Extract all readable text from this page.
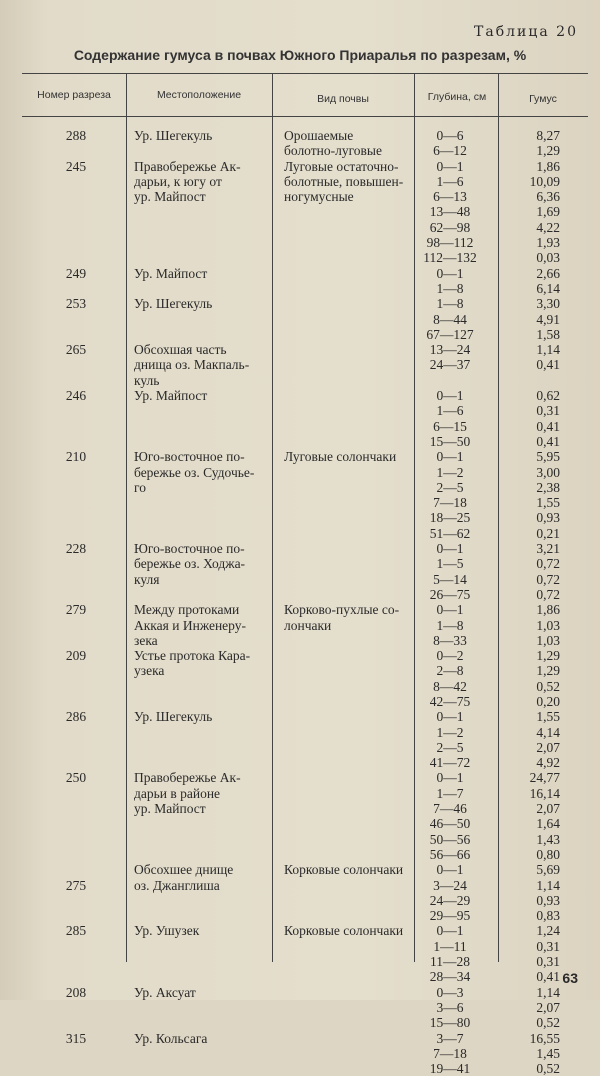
Таблица 20
Содержание гумуса в почвах Южного Приаралья по разрезам, %
Номер разреза	Местоположение	Вид почвы	Глубина, см	Гумус
288	Ур. Шегекуль	Орошаемые	0—6	8,27
болотно-луговые	6—12	1,29
245	Правобережье Ак-	Луговые остаточно-	0—1	1,86
дарьи, к югу от	болотные, повышен-	1—6	10,09
ур. Майпост	ногумусные	6—13	6,36
13—48	1,69
62—98	4,22
98—112	1,93
112—132	0,03
249	Ур. Майпост	0—1	2,66
1—8	6,14
253	Ур. Шегекуль	1—8	3,30
8—44	4,91
67—127	1,58
265	Обсохшая часть	13—24	1,14
днища оз. Макпаль-	24—37	0,41
куль
246	Ур. Майпост	0—1	0,62
1—6	0,31
6—15	0,41
15—50	0,41
210	Юго-восточное по-	Луговые солончаки	0—1	5,95
бережье оз. Судочье-	1—2	3,00
го	2—5	2,38
7—18	1,55
18—25	0,93
51—62	0,21
228	Юго-восточное по-	0—1	3,21
бережье оз. Ходжа-	1—5	0,72
куля	5—14	0,72
26—75	0,72
279	Между протоками	Корково-пухлые со-	0—1	1,86
Аккая и Инженеру-	лончаки	1—8	1,03
зека	8—33	1,03
209	Устье протока Кара-	0—2	1,29
узека	2—8	1,29
8—42	0,52
42—75	0,20
286	Ур. Шегекуль	0—1	1,55
1—2	4,14
2—5	2,07
41—72	4,92
250	Правобережье Ак-	0—1	24,77
дарьи в районе	1—7	16,14
ур. Майпост	7—46	2,07
46—50	1,64
50—56	1,43
56—66	0,80
Обсохшее днище	Корковые солончаки	0—1	5,69
275	оз. Джанглиша	3—24	1,14
24—29	0,93
29—95	0,83
285	Ур. Ушузек	Корковые солончаки	0—1	1,24
1—11	0,31
11—28	0,31
28—34	0,41
208	Ур. Аксуат	0—3	1,14
3—6	2,07
15—80	0,52
315	Ур. Кольсага	3—7	16,55
7—18	1,45
19—41	0,52
63
